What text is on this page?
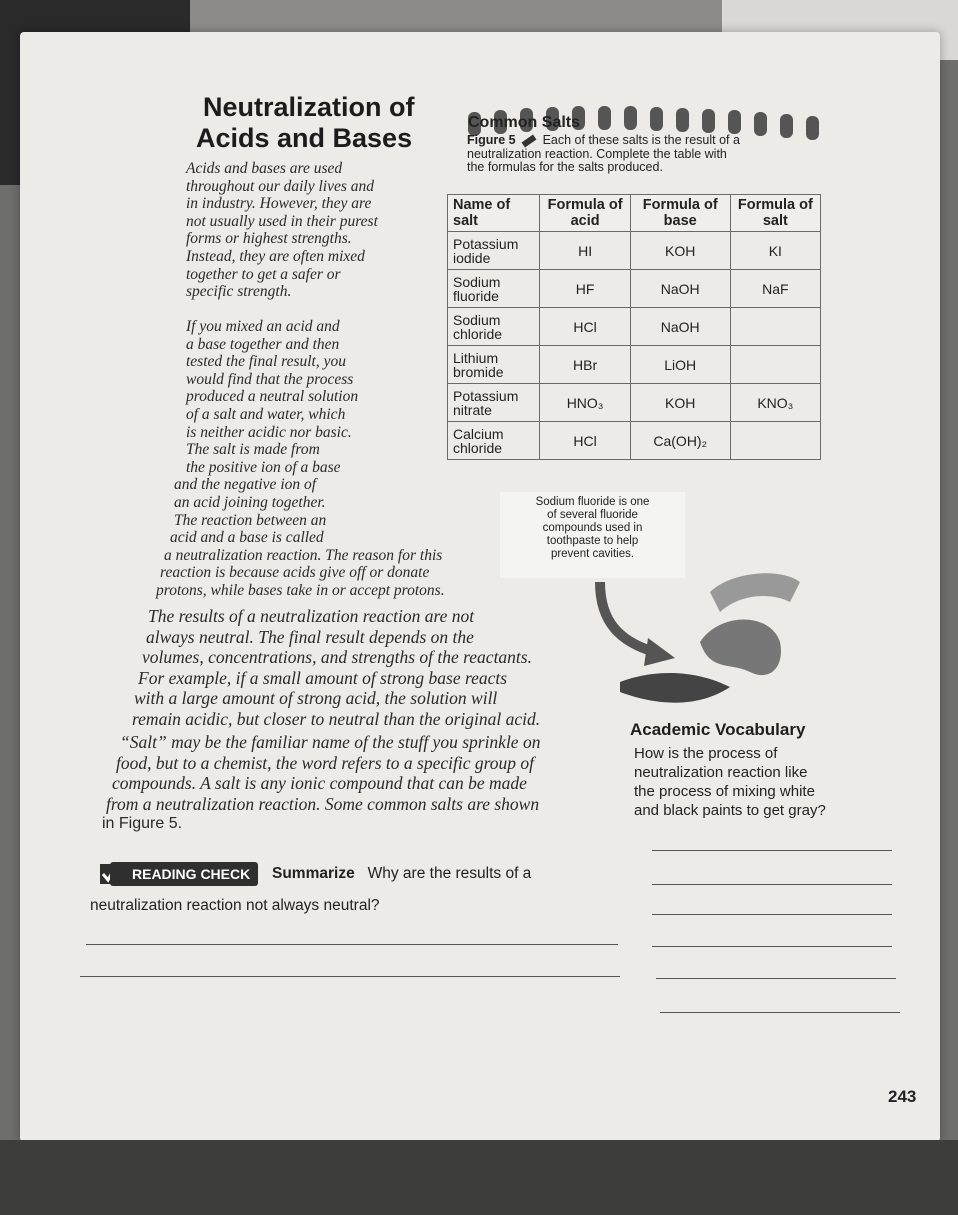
Neutralization of
Acids and Bases
Acids and bases are used
throughout our daily lives and
in industry. However, they are
not usually used in their purest
forms or highest strengths.
Instead, they are often mixed
together to get a safer or
specific strength.
If you mixed an acid and
a base together and then
tested the final result, you
would find that the process
produced a neutral solution
of a salt and water, which
is neither acidic nor basic.
The salt is made from
the positive ion of a base
and the negative ion of
an acid joining together.
The reaction between an
acid and a base is called
a neutralization reaction. The reason for this
reaction is because acids give off or donate
protons, while bases take in or accept protons.
The results of a neutralization reaction are not
always neutral. The final result depends on the
volumes, concentrations, and strengths of the reactants.
For example, if a small amount of strong base reacts
with a large amount of strong acid, the solution will
remain acidic, but closer to neutral than the original acid.
“Salt” may be the familiar name of the stuff you sprinkle on
food, but to a chemist, the word refers to a specific group of
compounds. A salt is any ionic compound that can be made
from a neutralization reaction. Some common salts are shown
in Figure 5.
Common Salts
Figure 5 Each of these salts is the result of a
neutralization reaction. Complete the table with
the formulas for the salts produced.
Name of salt	Formula of acid	Formula of base	Formula of salt
Potassium iodide	HI	KOH	KI
Sodium fluoride	HF	NaOH	NaF
Sodium chloride	HCl	NaOH	
Lithium bromide	HBr	LiOH	
Potassium nitrate	HNO₃	KOH	KNO₃
Calcium chloride	HCl	Ca(OH)₂	
Sodium fluoride is one
of several fluoride
compounds used in
toothpaste to help
prevent cavities.
Academic Vocabulary
How is the process of
neutralization reaction like
the process of mixing white
and black paints to get gray?
READING CHECK	Summarize Why are the results of a
neutralization reaction not always neutral?
243
